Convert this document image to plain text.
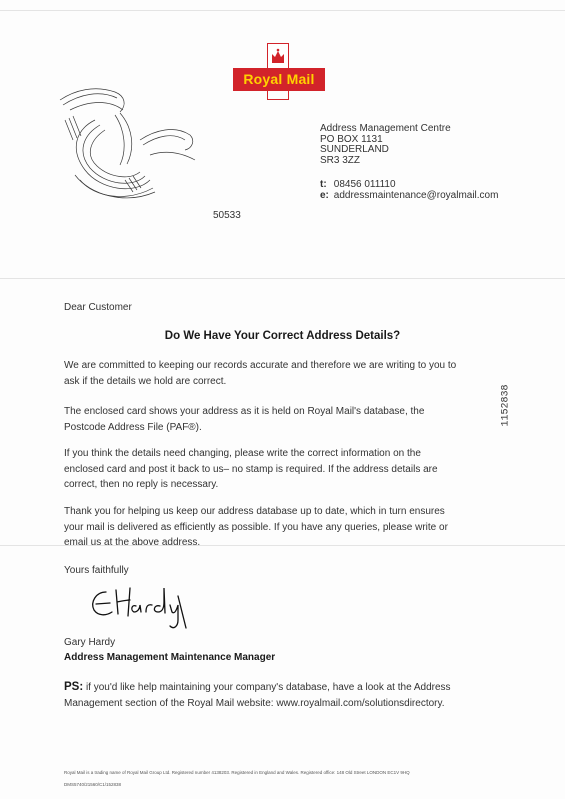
Royal Mail
Address Management Centre
PO BOX 1131
SUNDERLAND
SR3 3ZZ
t: 08456 011110
e: addressmaintenance@royalmail.com
50533
1152838
Dear Customer
Do We Have Your Correct Address Details?

We are committed to keeping our records accurate and therefore we are writing to you to ask if the details we hold are correct.

The enclosed card shows your address as it is held on Royal Mail's database, the Postcode Address File (PAF®).

If you think the details need changing, please write the correct information on the enclosed card and post it back to us– no stamp is required. If the address details are correct, then no reply is necessary.

Thank you for helping us keep our address database up to date, which in turn ensures your mail is delivered as efficiently as possible. If you have any queries, please write or email us at the above address.

Yours faithfully
Gary Hardy
Address Management Maintenance Manager

PS: if you'd like help maintaining your company's database, have a look at the Address Management section of the Royal Mail website: www.royalmail.com/solutionsdirectory.

Royal Mail is a trading name of Royal Mail Group Ltd. Registered number 4138203. Registered in England and Wales. Registered office: 148 Old Street LONDON EC1V 9HQ
DMS5740/21560/C1/152838
